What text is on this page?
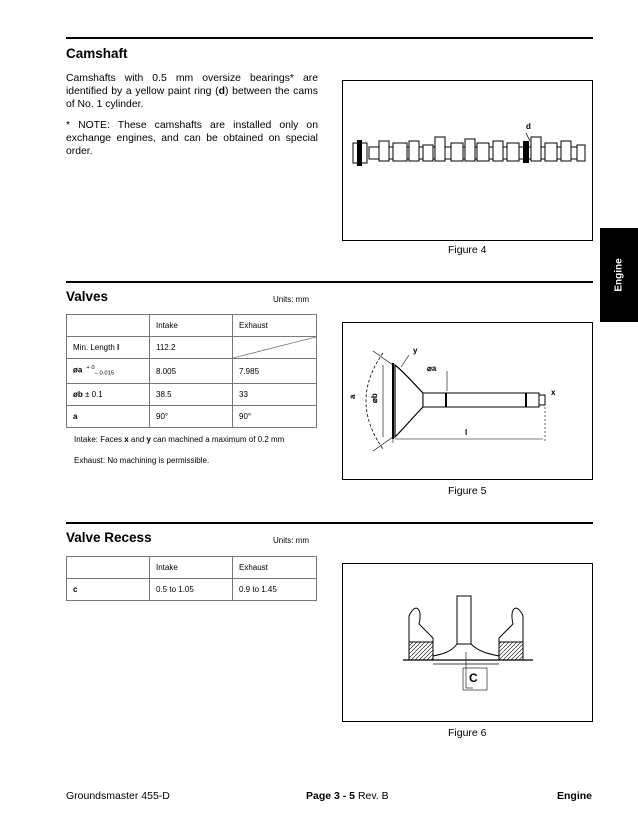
Camshaft
Camshafts with 0.5 mm oversize bearings* are identified by a yellow paint ring (d) between the cams of No. 1 cylinder.
* NOTE: These camshafts are installed only on exchange engines, and can be obtained on special order.
d
Figure 4
Engine
Valves	Units: mm
	Intake	Exhaust
Min. Length l	112.2	

øa $^{+ 0}_{- 0.015}$	8.005	7.985
øb ± 0.1	38.5	33
a	90°	90°
Intake: Faces x and y can machined a maximum of 0.2 mm
Exhaust: No machining is permissible.
y
⌀a
⌀b
a	x
l
Figure 5
Valve Recess	Units: mm
	Intake	Exhaust
c	0.5 to 1.05	0.9 to 1.45
C
Figure 6
Groundsmaster 455-D	Page 3 - 5 Rev. B	Engine
